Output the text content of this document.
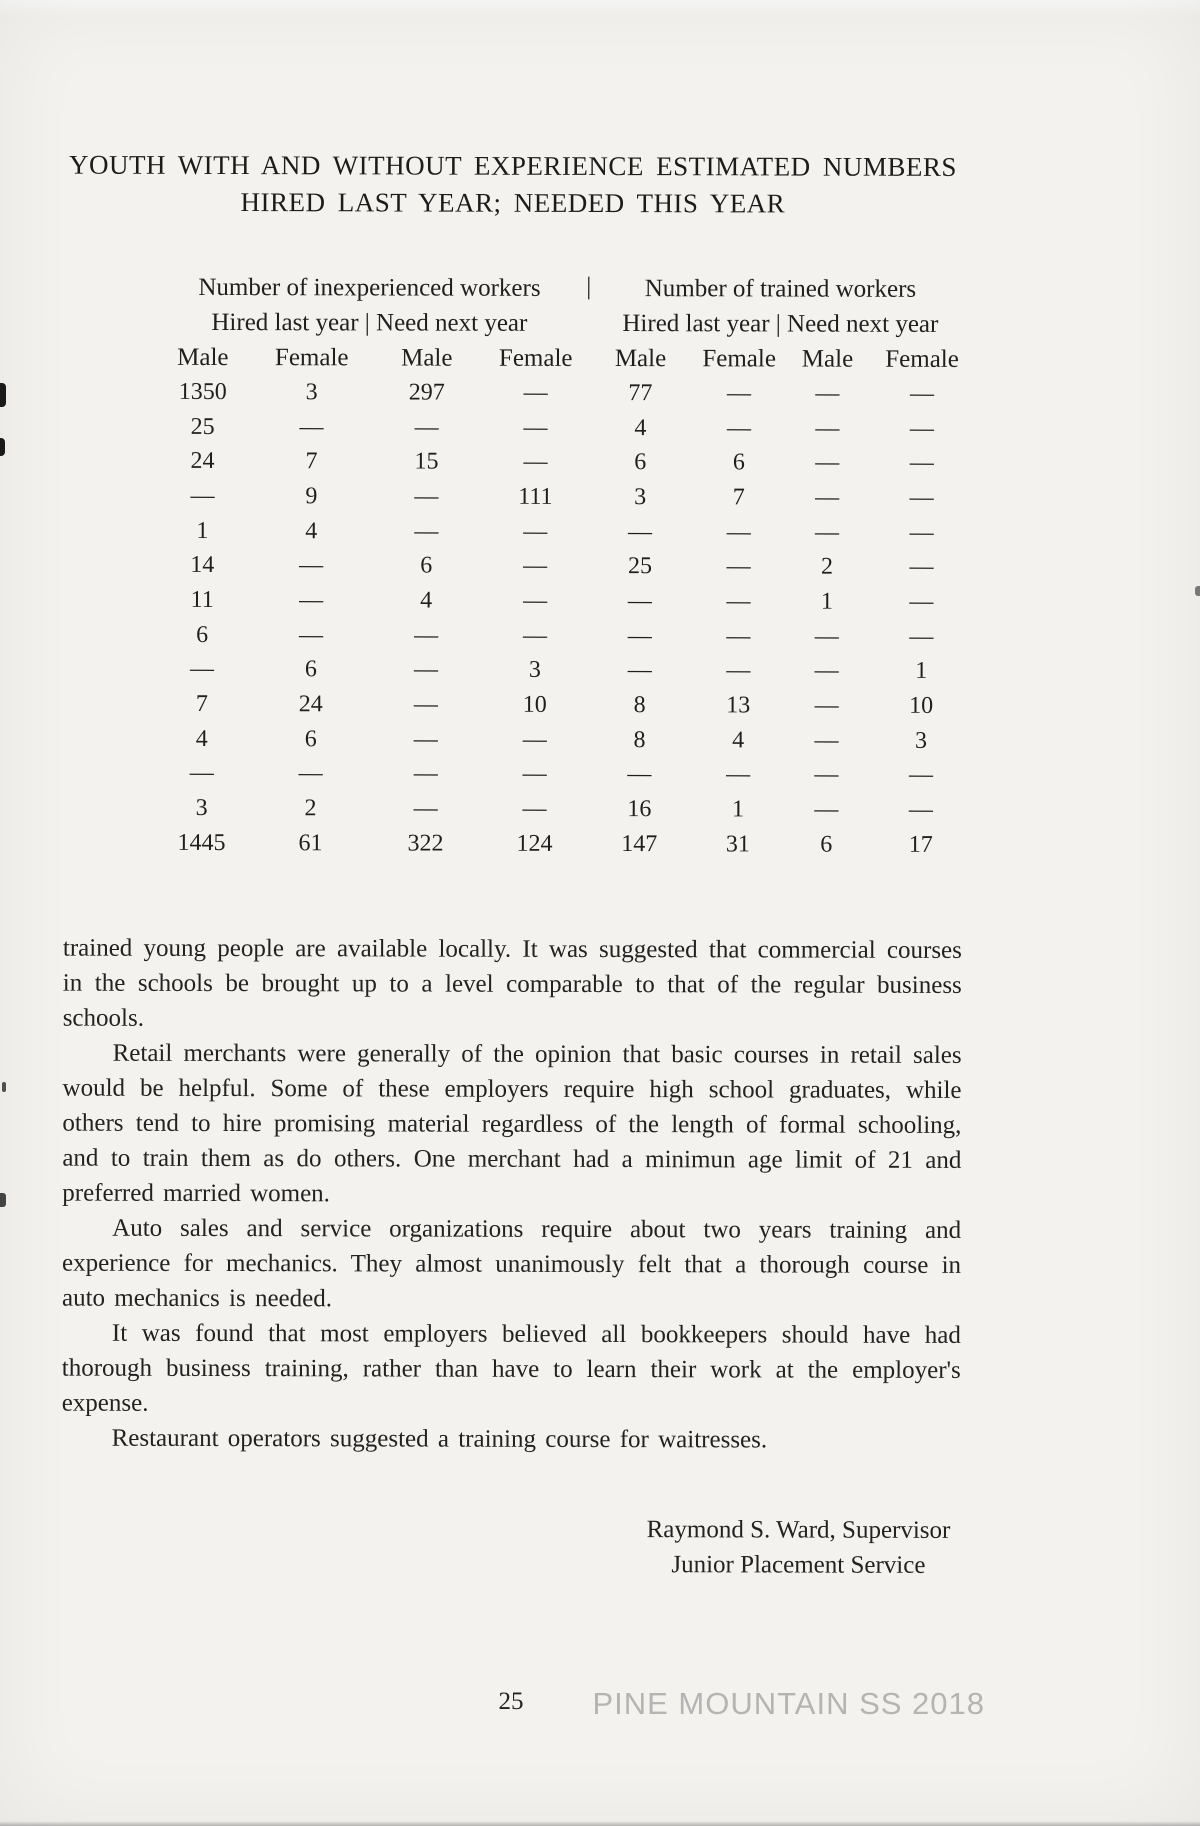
YOUTH WITH AND WITHOUT EXPERIENCE ESTIMATED NUMBERS
HIRED LAST YEAR; NEEDED THIS YEAR
Number of inexperienced workers |				Number of trained workers			
Hired last year | Need next year				Hired last year | Need next year			
Male	Female	Male	Female	Male	Female	Male	Female
1350	3	297	—	77	—	—	—
25	—	—	—	4	—	—	—
24	7	15	—	6	6	—	—
—	9	—	111	3	7	—	—
1	4	—	—	—	—	—	—
14	—	6	—	25	—	2	—
11	—	4	—	—	—	1	—
6	—	—	—	—	—	—	—
—	6	—	3	—	—	—	1
7	24	—	10	8	13	—	10
4	6	—	—	8	4	—	3
—	—	—	—	—	—	—	—
3	2	—	—	16	1	—	—
1445	61	322	124	147	31	6	17

trained young people are available locally. It was suggested that commercial courses in the schools be brought up to a level comparable to that of the regular business schools.

Retail merchants were generally of the opinion that basic courses in retail sales would be helpful. Some of these employers require high school graduates, while others tend to hire promising material regardless of the length of formal schooling, and to train them as do others. One merchant had a minimun age limit of 21 and preferred married women.

Auto sales and service organizations require about two years training and experience for mechanics. They almost unanimously felt that a thorough course in auto mechanics is needed.

It was found that most employers believed all bookkeepers should have had thorough business training, rather than have to learn their work at the employer's expense.

Restaurant operators suggested a training course for waitresses.

Raymond S. Ward, Supervisor
Junior Placement Service
25	PINE MOUNTAIN SS 2018
